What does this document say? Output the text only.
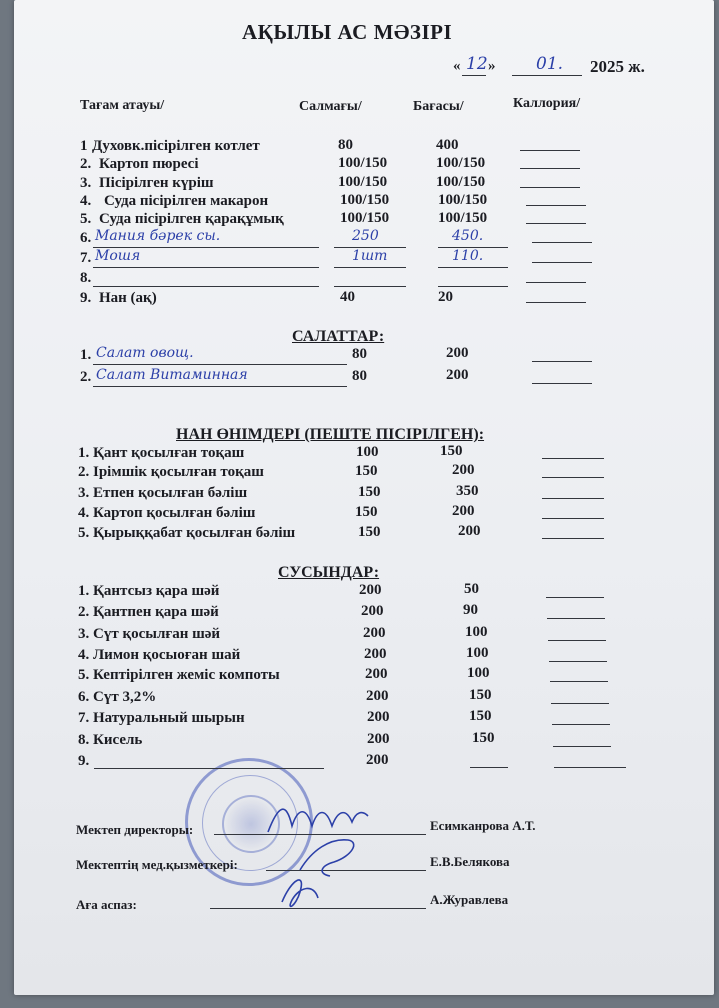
АҚЫЛЫ АС МӘЗІРІ
« 12 » 01. 2025 ж.
Тағам атауы/	Салмағы/	Бағасы/	Каллория/
САЛАТТАР:
НАН ӨНІМДЕРІ (ПЕШТЕ ПІСІРІЛГЕН):
СУСЫНДАР:
Мектеп директоры:	Есимканрова А.Т.
Мектептің мед.қызметкері:	Е.В.Белякова
Аға аспаз:	А.Журавлева
1 Духовк.пісірілген котлет	80	400
2. Картоп пюресі	100/150	100/150
3. Пісірілген күріш	100/150	100/150
4. Суда пісірілген макарон	100/150	100/150
5. Суда пісірілген қарақұмық	100/150	100/150
6. Мания бәрек сы.	250	450.
7. Мошя	1шт	110.
8.
9. Нан (ақ)	40	20
1. Салат овощ.	80	200
2. Салат Витаминная	80	200
1. Қант қосылған тоқаш	100	150
2. Ірімшік қосылған тоқаш	150	200
3. Етпен қосылған бәліш	150	350
4. Картоп қосылған бәліш	150	200
5. Қырыққабат қосылған бәліш	150	200
1. Қантсыз қара шәй	200	50
2. Қантпен қара шәй	200	90
3. Сүт қосылған шәй	200	100
4. Лимон қосыоған шай	200	100
5. Кептірілген жеміс компоты	200	100
6. Сүт 3,2%	200	150
7. Натуральный шырын	200	150
8. Кисель	200	150
9.	200
